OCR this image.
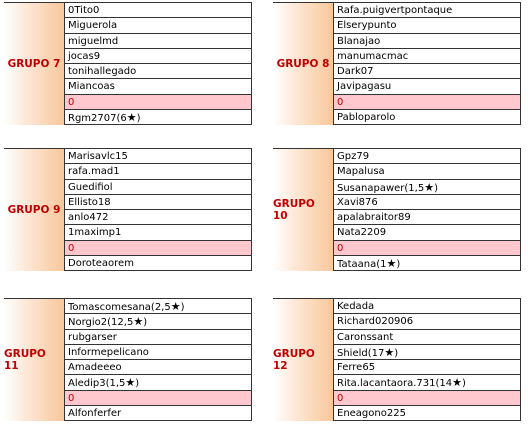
GRUPO 7
0Tito0
Miguerola
miguelmd
jocas9
tonihallegado
Miancoas
0
Rgm2707(6★)
GRUPO 8
Rafa.puigvertpontaque
Elserypunto
Blanajao
manumacmac
Dark07
Javipagasu
0
Pabloparolo
GRUPO 9
Marisavlc15
rafa.mad1
Guedifiol
Ellisto18
anlo472
1maximp1
0
Doroteaorem
GRUPO 10
Gpz79
Mapalusa
Susanapawer(1,5★)
Xavi876
apalabraitor89
Nata2209
0
Tataana(1★)
GRUPO 11
Tomascomesana(2,5★)
Norgio2(12,5★)
rubgarser
Informepelicano
Amadeeeo
Aledip3(1,5★)
0
Alfonferfer
GRUPO 12
Kedada
Richard020906
Caronssant
Shield(17★)
Ferre65
Rita.lacantaora.731(14★)
0
Eneagono225
